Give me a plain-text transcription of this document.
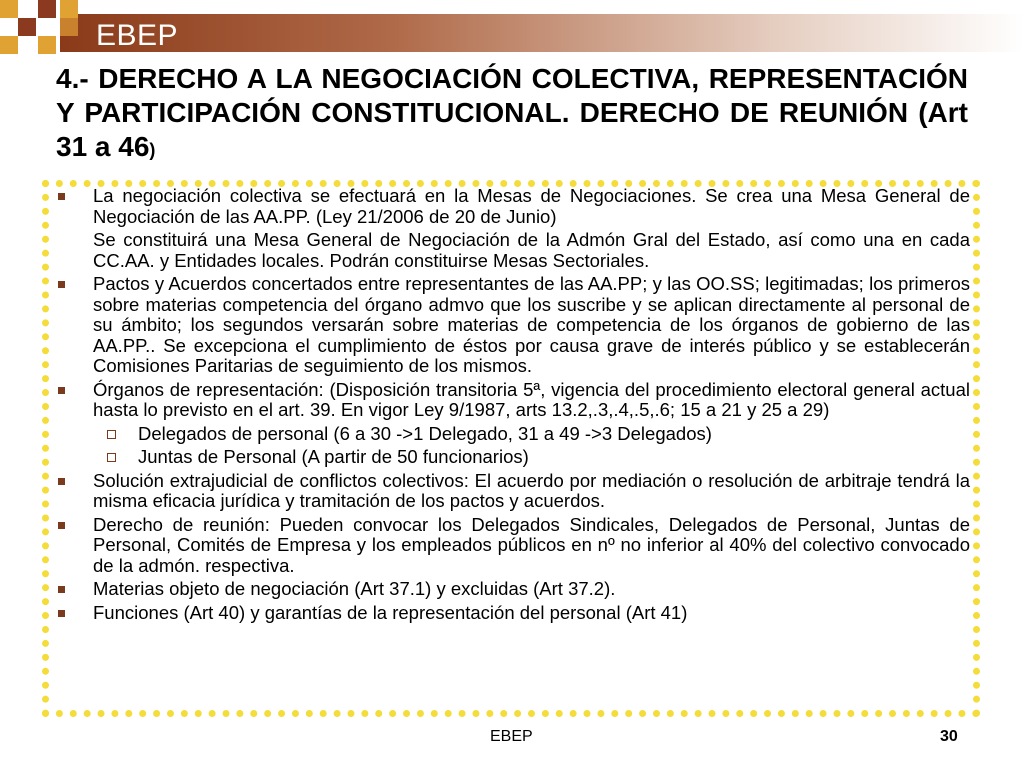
EBEP
4.- DERECHO A LA NEGOCIACIÓN COLECTIVA, REPRESENTACIÓN Y PARTICIPACIÓN CONSTITUCIONAL. DERECHO DE REUNIÓN (Art 31 a 46)
La negociación colectiva se efectuará en la Mesas de Negociaciones. Se crea una Mesa General de Negociación de las AA.PP. (Ley 21/2006 de 20 de Junio)
Se constituirá una Mesa General de Negociación de la Admón Gral del Estado, así como una en cada CC.AA. y Entidades locales. Podrán constituirse Mesas Sectoriales.
Pactos y Acuerdos concertados entre representantes de las AA.PP; y las OO.SS; legitimadas; los primeros sobre materias competencia del órgano admvo que los suscribe y se aplican directamente al personal de su ámbito; los segundos versarán sobre materias de competencia de los órganos de gobierno de las AA.PP.. Se excepciona el cumplimiento de éstos por causa grave de interés público y se establecerán Comisiones Paritarias de seguimiento de los mismos.
Órganos de representación: (Disposición transitoria 5ª, vigencia del procedimiento electoral general actual hasta lo previsto en el art. 39. En vigor Ley 9/1987, arts 13.2,.3,.4,.5,.6; 15 a 21 y 25 a 29)
Delegados de personal (6 a 30 ->1 Delegado, 31 a 49 ->3 Delegados)
Juntas de Personal (A partir de 50 funcionarios)
Solución extrajudicial de conflictos colectivos: El acuerdo por mediación o resolución de arbitraje tendrá la misma eficacia jurídica y tramitación de los pactos y acuerdos.
Derecho de reunión: Pueden convocar los Delegados Sindicales, Delegados de Personal, Juntas de Personal, Comités de Empresa y los empleados públicos en nº no inferior al 40% del colectivo convocado de la admón. respectiva.
Materias objeto de negociación (Art 37.1) y excluidas (Art 37.2).
Funciones (Art 40) y garantías de la representación del personal (Art 41)
EBEP	30
